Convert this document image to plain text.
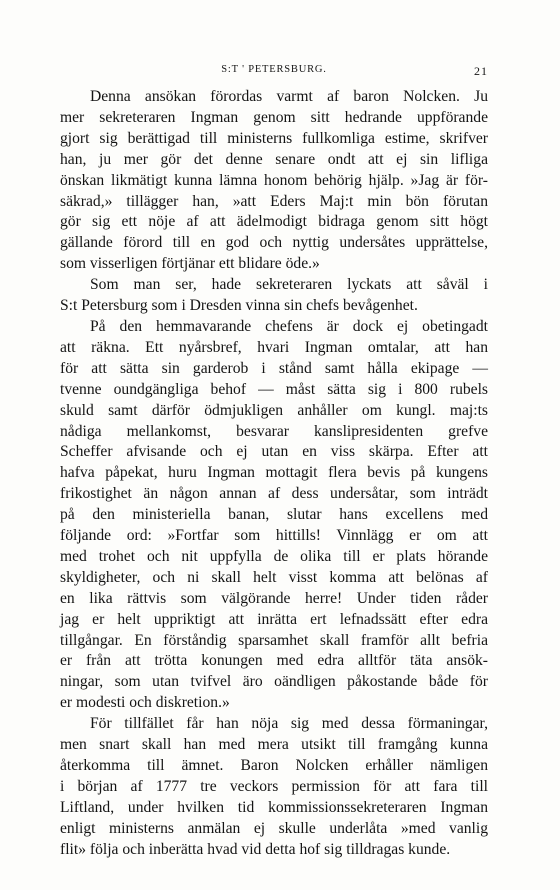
S:T ' PETERSBURG.	21

Denna ansökan förordas varmt af baron Nolcken. Ju
mer sekreteraren Ingman genom sitt hedrande uppförande
gjort sig berättigad till ministerns fullkomliga estime, skrifver
han, ju mer gör det denne senare ondt att ej sin lifliga
önskan likmätigt kunna lämna honom behörig hjälp. »Jag är för-
säkrad,» tillägger han, »att Eders Maj:t min bön förutan
gör sig ett nöje af att ädelmodigt bidraga genom sitt högt
gällande förord till en god och nyttig undersåtes upprättelse,
som visserligen förtjänar ett blidare öde.»

Som man ser, hade sekreteraren lyckats att såväl i
S:t Petersburg som i Dresden vinna sin chefs bevågenhet.

På den hemmavarande chefens är dock ej obetingadt
att räkna. Ett nyårsbref, hvari Ingman omtalar, att han
för att sätta sin garderob i stånd samt hålla ekipage —
tvenne oundgängliga behof — måst sätta sig i 800 rubels
skuld samt därför ödmjukligen anhåller om kungl. maj:ts
nådiga mellankomst, besvarar kanslipresidenten grefve
Scheffer afvisande och ej utan en viss skärpa. Efter att
hafva påpekat, huru Ingman mottagit flera bevis på kungens
frikostighet än någon annan af dess undersåtar, som inträdt
på den ministeriella banan, slutar hans excellens med
följande ord: »Fortfar som hittills! Vinnlägg er om att
med trohet och nit uppfylla de olika till er plats hörande
skyldigheter, och ni skall helt visst komma att belönas af
en lika rättvis som välgörande herre! Under tiden råder
jag er helt uppriktigt att inrätta ert lefnadssätt efter edra
tillgångar. En förståndig sparsamhet skall framför allt befria
er från att trötta konungen med edra alltför täta ansök-
ningar, som utan tvifvel äro oändligen påkostande både för
er modesti och diskretion.»

För tillfället får han nöja sig med dessa förmaningar,
men snart skall han med mera utsikt till framgång kunna
återkomma till ämnet. Baron Nolcken erhåller nämligen
i början af 1777 tre veckors permission för att fara till
Liftland, under hvilken tid kommissionssekreteraren Ingman
enligt ministerns anmälan ej skulle underlåta »med vanlig
flit» följa och inberätta hvad vid detta hof sig tilldragas kunde.
